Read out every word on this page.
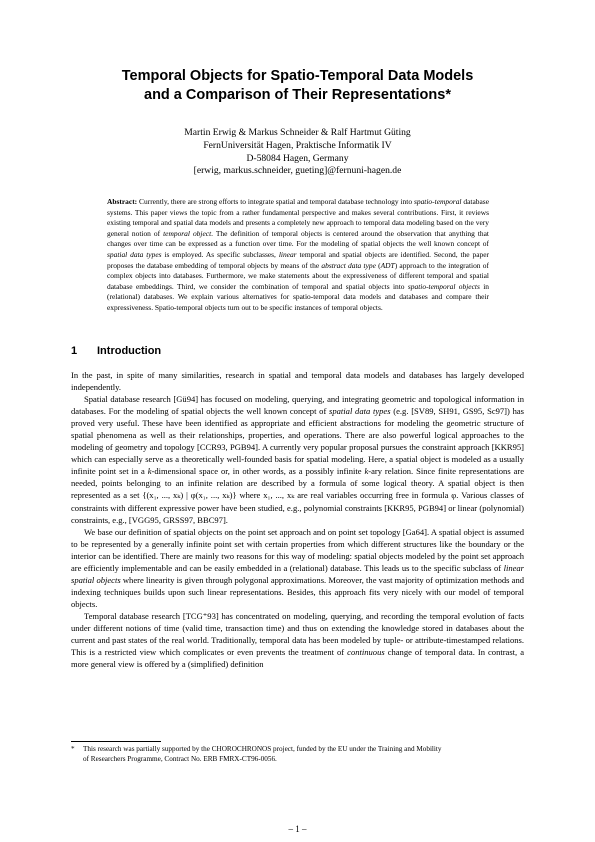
Temporal Objects for Spatio-Temporal Data Models
and a Comparison of Their Representations*
Martin Erwig & Markus Schneider & Ralf Hartmut Güting
FernUniversität Hagen, Praktische Informatik IV
D-58084 Hagen, Germany
[erwig, markus.schneider, gueting]@fernuni-hagen.de
Abstract: Currently, there are strong efforts to integrate spatial and temporal database technology into spatio-temporal database systems. This paper views the topic from a rather fundamental perspective and makes several contributions. First, it reviews existing temporal and spatial data models and presents a completely new approach to temporal data modeling based on the very general notion of temporal object. The definition of temporal objects is centered around the observation that anything that changes over time can be expressed as a function over time. For the modeling of spatial objects the well known concept of spatial data types is employed. As specific subclasses, linear temporal and spatial objects are identified. Second, the paper proposes the database embedding of temporal objects by means of the abstract data type (ADT) approach to the integration of complex objects into databases. Furthermore, we make statements about the expressiveness of different temporal and spatial database embeddings. Third, we consider the combination of temporal and spatial objects into spatio-temporal objects in (relational) databases. We explain various alternatives for spatio-temporal data models and databases and compare their expressiveness. Spatio-temporal objects turn out to be specific instances of temporal objects.
1 Introduction

In the past, in spite of many similarities, research in spatial and temporal data models and databases has largely developed independently.

Spatial database research [Gü94] has focused on modeling, querying, and integrating geometric and topological information in databases. For the modeling of spatial objects the well known concept of spatial data types (e.g. [SV89, SH91, GS95, Sc97]) has proved very useful. These have been identified as appropriate and efficient abstractions for modeling the geometric structure of spatial phenomena as well as their relationships, properties, and operations. There are also powerful logical approaches to the modeling of geometry and topology [CCR93, PGB94]. A currently very popular proposal pursues the constraint approach [KKR95] which can especially serve as a theoretically well-founded basis for spatial modeling. Here, a spatial object is modeled as a usually infinite point set in a k-dimensional space or, in other words, as a possibly infinite k-ary relation. Since finite representations are needed, points belonging to an infinite relation are described by a formula of some logical theory. A spatial object is then represented as a set {(x₁, ..., xₖ) | φ(x₁, ..., xₖ)} where x₁, ..., xₖ are real variables occurring free in formula φ. Various classes of constraints with different expressive power have been studied, e.g., polynomial constraints [KKR95, PGB94] or linear (polynomial) constraints, e.g., [VGG95, GRSS97, BBC97].

We base our definition of spatial objects on the point set approach and on point set topology [Ga64]. A spatial object is assumed to be represented by a generally infinite point set with certain properties from which different structures like the boundary or the interior can be identified. There are mainly two reasons for this way of modeling: spatial objects modeled by the point set approach are efficiently implementable and can be easily embedded in a (relational) database. This leads us to the specific subclass of linear spatial objects where linearity is given through polygonal approximations. Moreover, the vast majority of optimization methods and indexing techniques builds upon such linear representations. Besides, this approach fits very nicely with our model of temporal objects.

Temporal database research [TCG⁺93] has concentrated on modeling, querying, and recording the temporal evolution of facts under different notions of time (valid time, transaction time) and thus on extending the knowledge stored in databases about the current and past states of the real world. Traditionally, temporal data has been modeled by tuple- or attribute-timestamped relations. This is a restricted view which complicates or even prevents the treatment of continuous change of temporal data. In contrast, a more general view is offered by a (simplified) definition

* This research was partially supported by the CHOROCHRONOS project, funded by the EU under the Training and Mobility
of Researchers Programme, Contract No. ERB FMRX-CT96-0056.
– 1 –
